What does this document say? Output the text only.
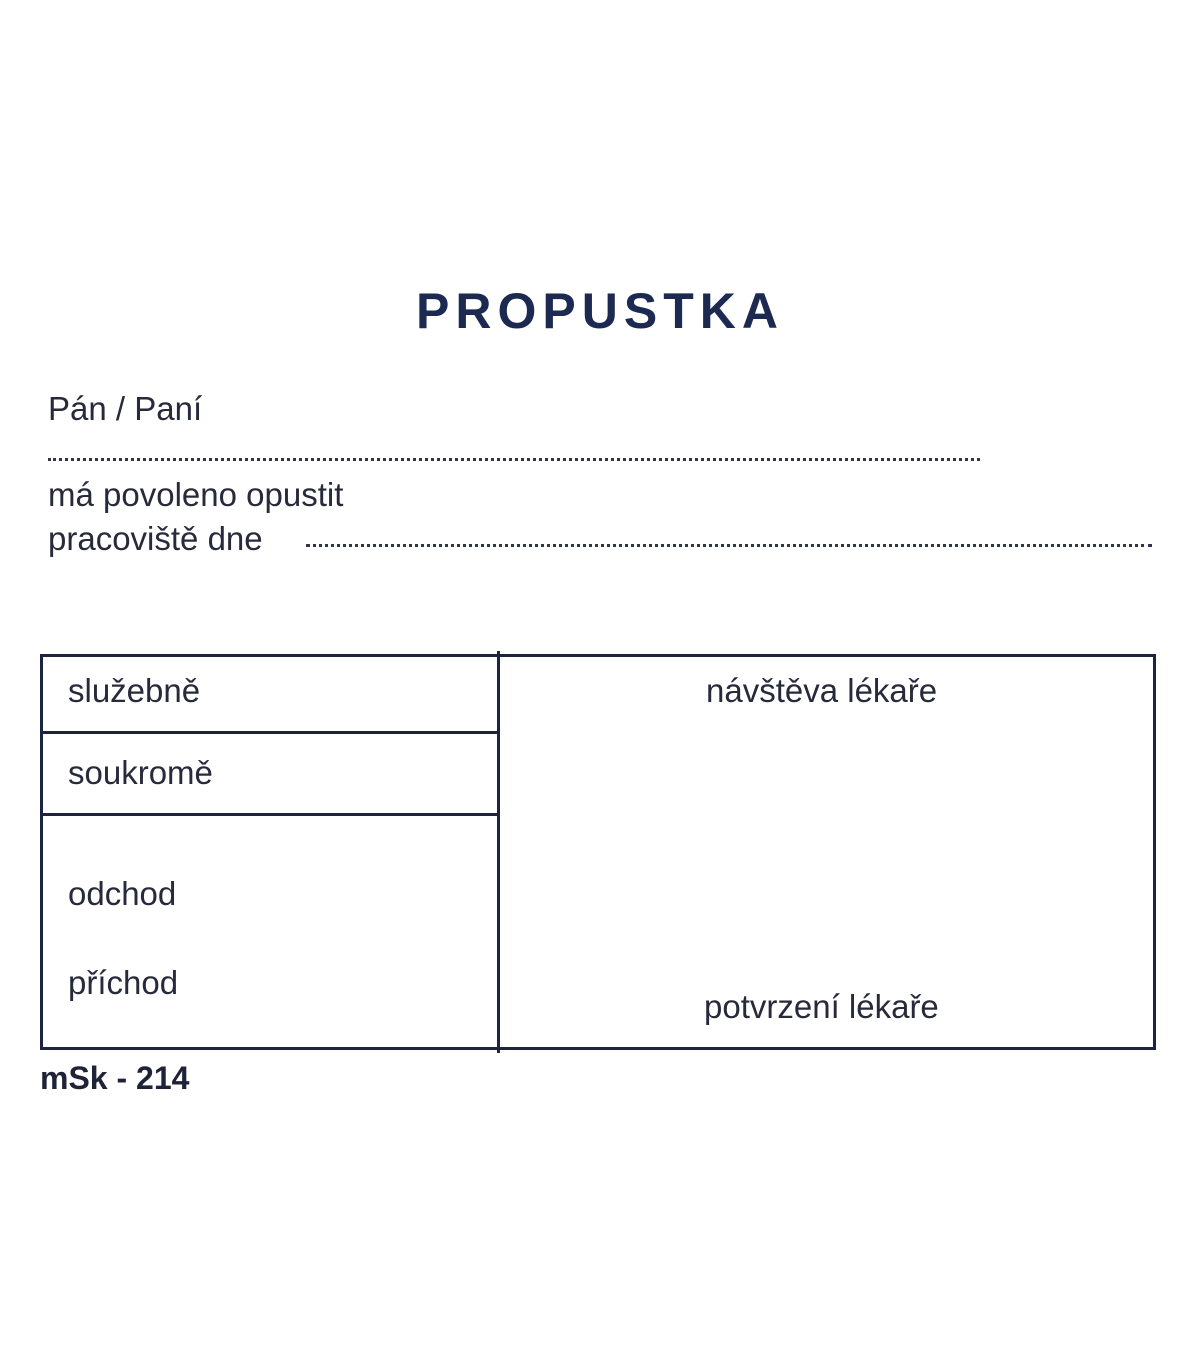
PROPUSTKA
Pán / Paní
má povoleno opustit
pracoviště dne
služebně
soukromě
odchod
příchod
návštěva lékaře
potvrzení lékaře
mSk - 214
